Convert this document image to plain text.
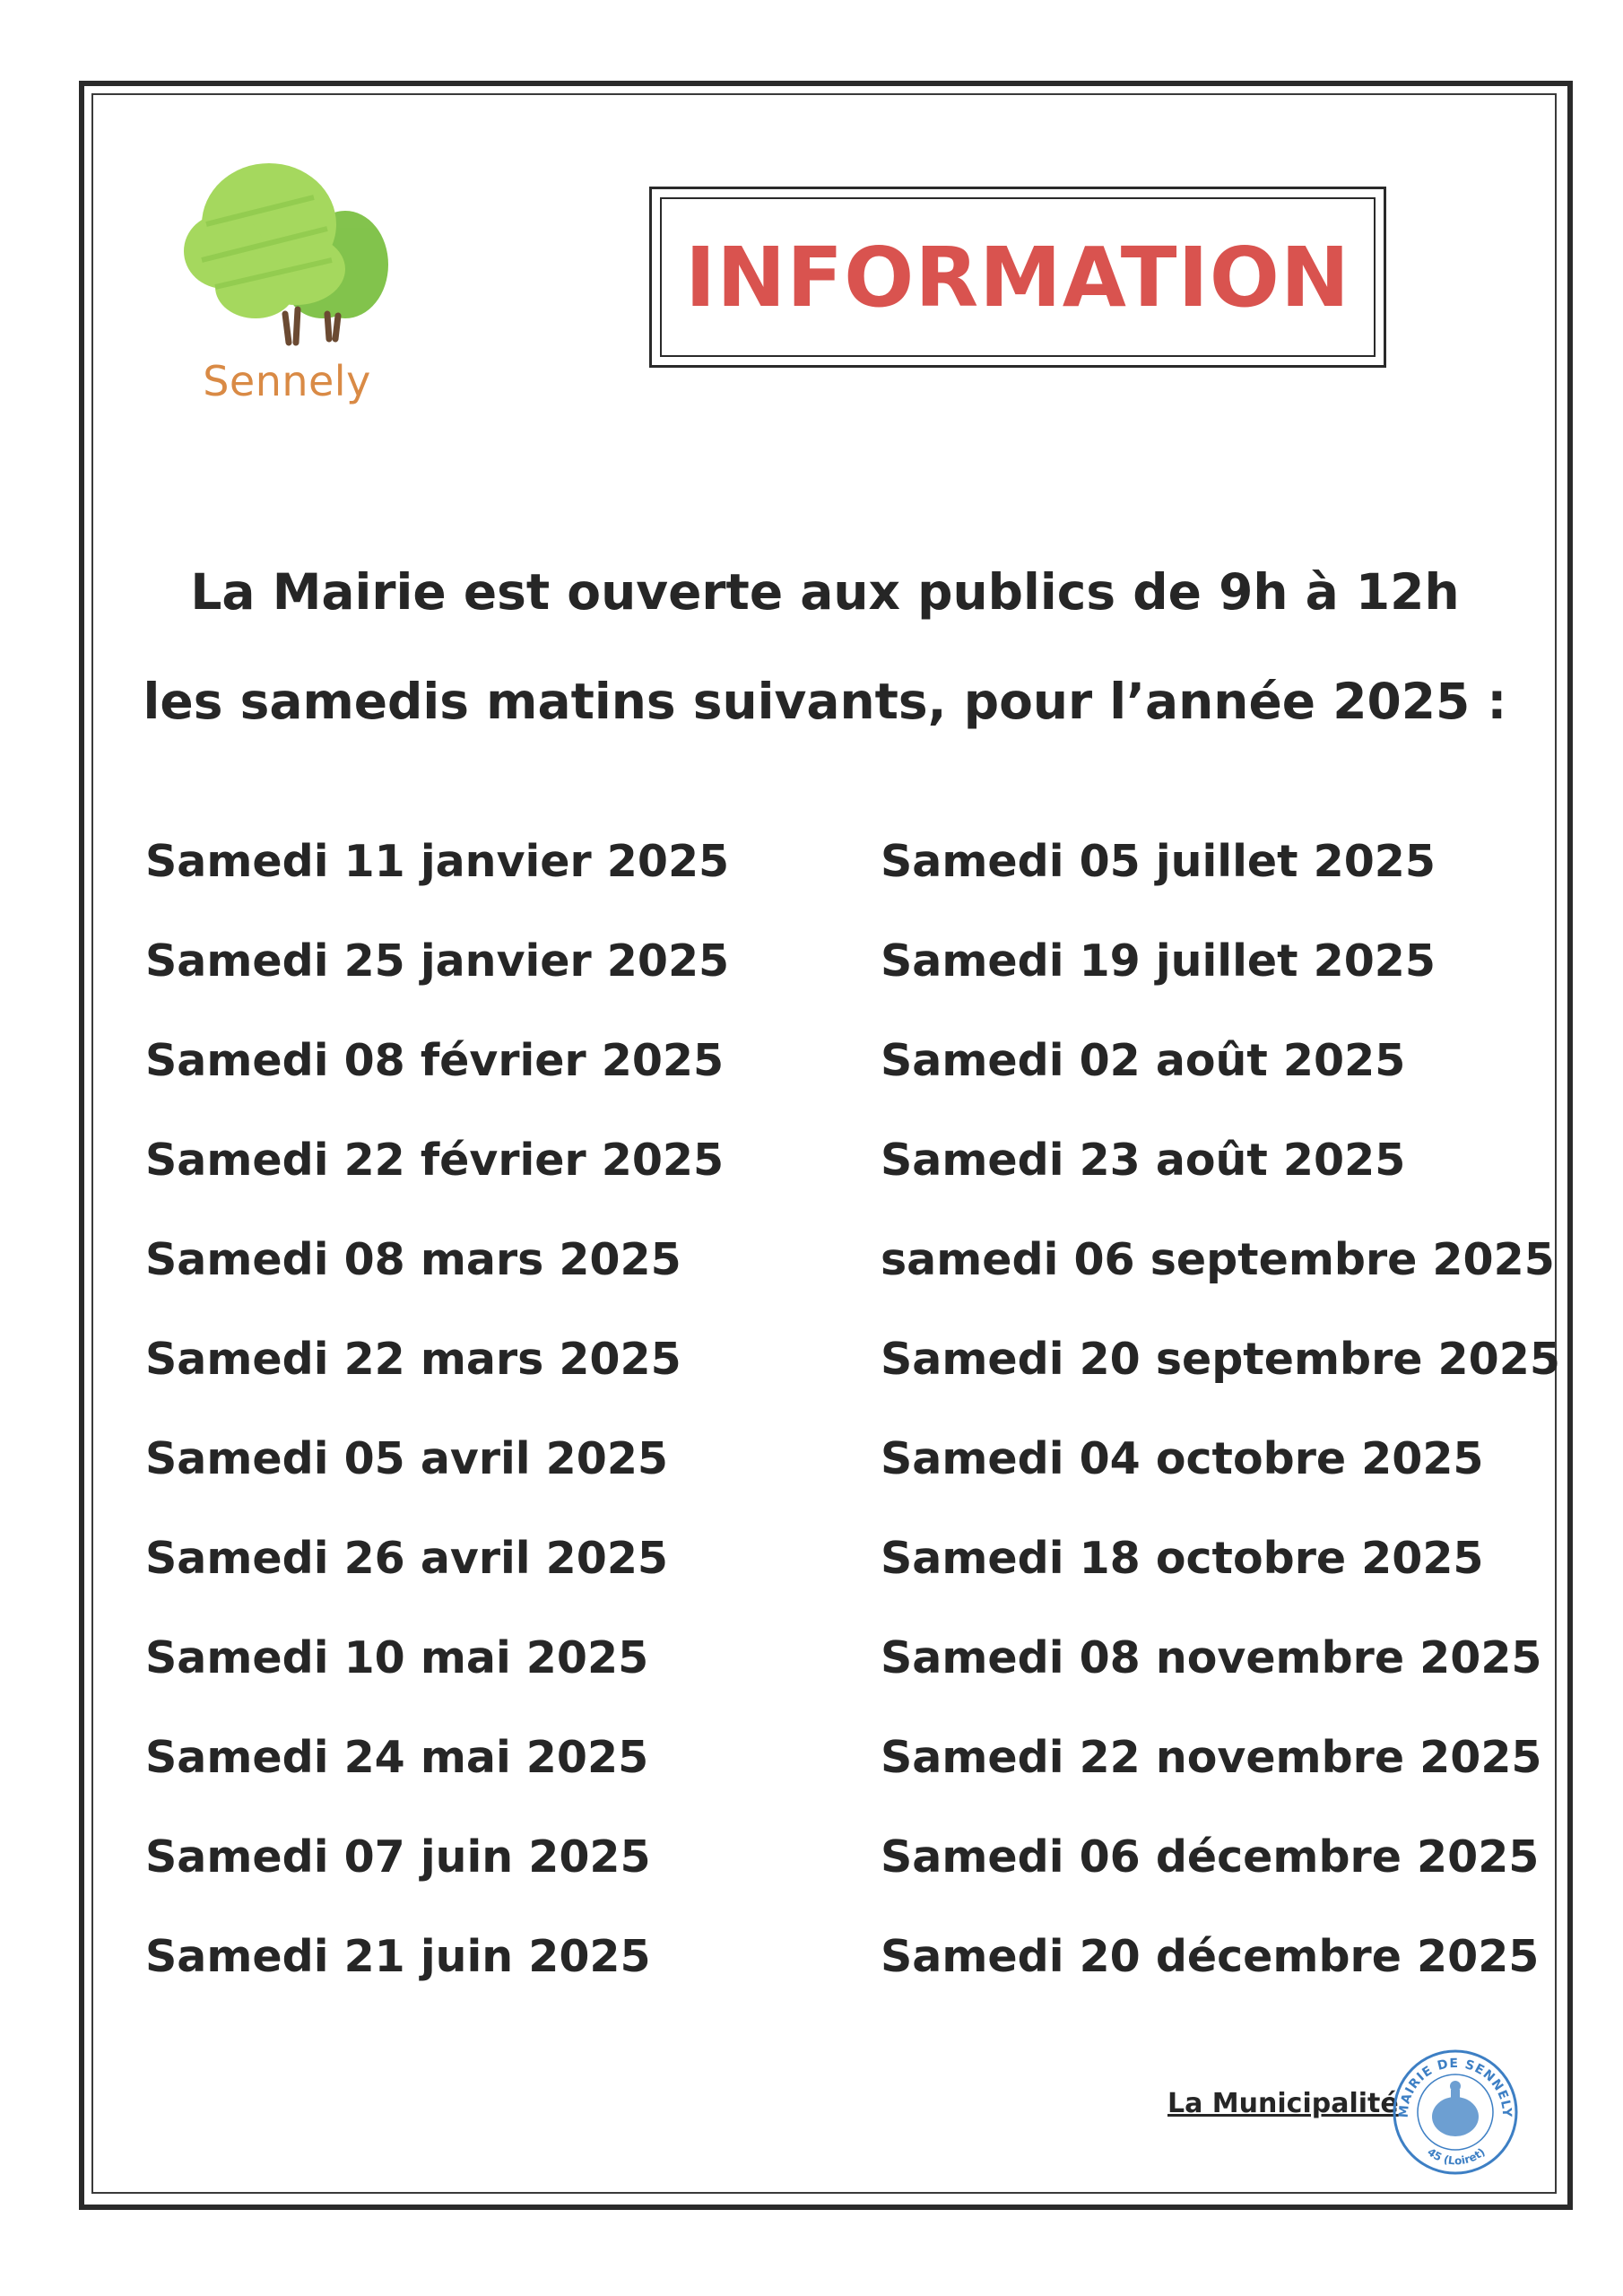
Sennely
INFORMATION
La Mairie est ouverte aux publics de 9h à 12h
les samedis matins suivants, pour l’année 2025 :
Samedi 11 janvier 2025
Samedi 25 janvier 2025
Samedi 08 février 2025
Samedi 22 février 2025
Samedi 08 mars 2025
Samedi 22 mars 2025
Samedi 05 avril 2025
Samedi 26 avril 2025
Samedi 10 mai 2025
Samedi 24 mai 2025
Samedi 07 juin 2025
Samedi 21 juin 2025
Samedi 05 juillet 2025
Samedi 19 juillet 2025
Samedi 02 août 2025
Samedi 23 août 2025
samedi 06 septembre 2025
Samedi 20 septembre 2025
Samedi 04 octobre 2025
Samedi 18 octobre 2025
Samedi 08 novembre 2025
Samedi 22 novembre 2025
Samedi 06 décembre 2025
Samedi 20 décembre 2025
La Municipalité
MAIRIE DE SENNELY
45 (Loiret)
